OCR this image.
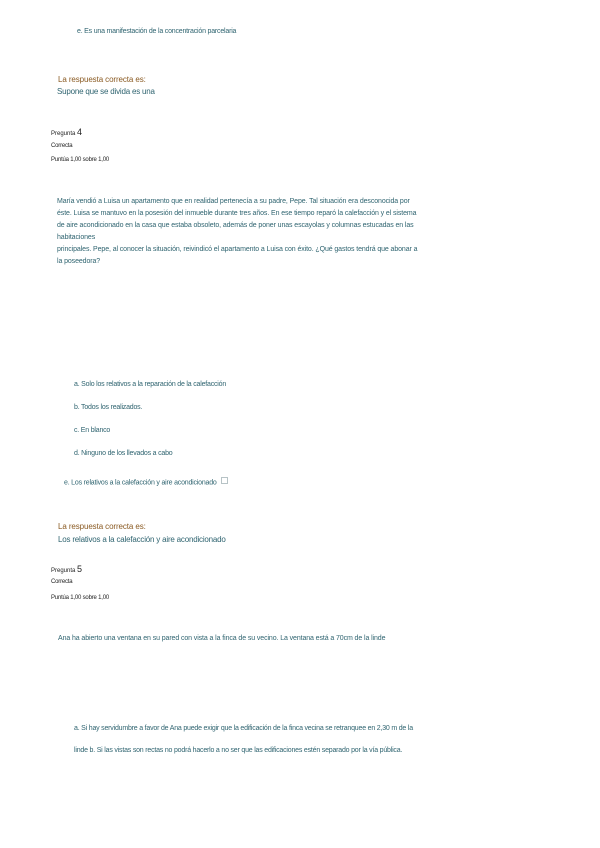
e. Es una manifestación de la concentración parcelaria
La respuesta correcta es:
Supone que se divida es una
Pregunta 4
Correcta
Puntúa 1,00 sobre 1,00
María vendió a Luisa un apartamento que en realidad pertenecía a su padre, Pepe. Tal situación era desconocida por
éste. Luisa se mantuvo en la posesión del inmueble durante tres años. En ese tiempo reparó la calefacción y el sistema
de aire acondicionado en la casa que estaba obsoleto, además de poner unas escayolas y columnas estucadas en las
habitaciones
principales. Pepe, al conocer la situación, reivindicó el apartamento a Luisa con éxito. ¿Qué gastos tendrá que abonar a
la poseedora?
a. Solo los relativos a la reparación de la calefacción
b. Todos los realizados.
c. En blanco
d. Ninguno de los llevados a cabo
e. Los relativos a la calefacción y aire acondicionado
La respuesta correcta es:
Los relativos a la calefacción y aire acondicionado
Pregunta 5
Correcta
Puntúa 1,00 sobre 1,00
Ana ha abierto una ventana en su pared con vista a la finca de su vecino. La ventana está a 70cm de la linde
a. Si hay servidumbre a favor de Ana puede exigir que la edificación de la finca vecina se retranquee en 2,30 m de la
linde b. Si las vistas son rectas no podrá hacerlo a no ser que las edificaciones estén separado por la vía pública.
